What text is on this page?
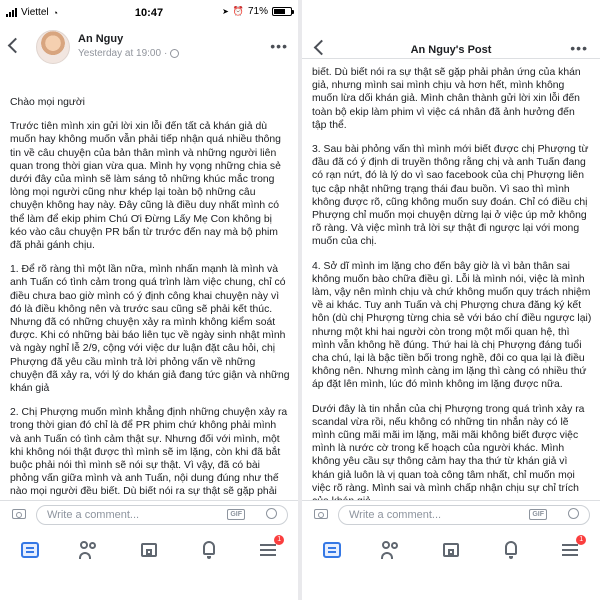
Viettel ◔	10:47	➤ ⏰ 71%
An Nguy
Yesterday at 19:00 ·	•••

Chào mọi người

Trước tiên mình xin gửi lời xin lỗi đến tất cả khán giả dù muốn hay không muốn vẫn phải tiếp nhận quá nhiều thông tin về câu chuyện của bản thân mình và những người liên quan trong thời gian vừa qua. Mình hy vọng những chia sẻ dưới đây của mình sẽ làm sáng tỏ những khúc mắc trong lòng mọi người cũng như khép lại toàn bộ những câu chuyện không hay này. Đây cũng là điều duy nhất mình có thể làm để ekip phim Chú Ơi Đừng Lấy Mẹ Con không bị kéo vào câu chuyện PR bẩn từ trước đến nay mà bộ phim đã phải gánh chịu.

1. Để rõ ràng thì một lần nữa, mình nhấn mạnh là mình và anh Tuấn có tình cảm trong quá trình làm việc chung, chỉ có điều chưa bao giờ mình có ý định công khai chuyện này vì đó là điều không nên và trước sau cũng sẽ phải kết thúc. Nhưng đã có những chuyện xảy ra mình không kiểm soát được. Khi có những bài báo liên tục về ngày sinh nhật mình và ngày nghỉ lễ 2/9, cộng với việc dư luận đặt câu hỏi, chị Phượng đã yêu cầu mình trả lời phỏng vấn về những chuyện đã xảy ra, với lý do khán giả đang tức giận và những khán giả

2. Chị Phượng muốn mình khẳng định những chuyện xảy ra trong thời gian đó chỉ là để PR phim chứ không phải mình và anh Tuấn có tình cảm thật sự. Nhưng đối với mình, một khi không nói thật được thì mình sẽ im lặng, còn khi đã bắt buộc phải nói thì mình sẽ nói sự thật. Vì vậy, đã có bài phỏng vấn giữa mình và anh Tuấn, nội dung đúng như thế nào mọi người đều biết. Dù biết nói ra sự thật sẽ gặp phải

Write a comment...	GIF
1
An Nguy's Post	•••

biết. Dù biết nói ra sự thật sẽ gặp phải phản ứng của khán giả, nhưng mình sai mình chịu và hơn hết, mình không muốn lừa dối khán giả. Mình chân thành gửi lời xin lỗi đến toàn bộ ekip làm phim vì việc cá nhân đã ảnh hưởng đến tập thể.

3. Sau bài phỏng vấn thì mình mới biết được chị Phượng từ đầu đã có ý định di truyền thông rằng chị và anh Tuấn đang có rạn nứt, đó là lý do vì sao facebook của chị Phượng liên tục cập nhật những trạng thái đau buồn. Vì sao thì mình không được rõ, cũng không muốn suy đoán. Chỉ có điều chị Phượng chỉ muốn mọi chuyện dừng lại ở việc úp mở không rõ ràng. Và việc mình trả lời sự thật đi ngược lại với mong muốn của chị.

4. Sở dĩ mình im lặng cho đến bây giờ là vì bản thân sai không muốn bào chữa điều gì. Lỗi là mình nói, việc là mình làm, vậy nên mình chịu và chứ không muốn quy trách nhiệm về ai khác. Tuy anh Tuấn và chị Phượng chưa đăng ký kết hôn (dù chị Phượng từng chia sẻ với báo chí điều ngược lại) nhưng một khi hai người còn trong một mối quan hệ, thì mình vẫn không hề đúng. Thứ hai là chị Phượng đáng tuổi cha chú, lại là bậc tiền bối trong nghề, đôi co qua lại là điều không nên. Nhưng mình càng im lặng thì càng có nhiều thứ áp đặt lên mình, lúc đó mình không im lặng được nữa.

Dưới đây là tin nhắn của chị Phượng trong quá trình xảy ra scandal vừa rồi, nếu không có những tin nhắn này có lẽ mình cũng mãi mãi im lặng, mãi mãi không biết được việc mình là nước cờ trong kế hoạch của người khác. Mình không yêu cầu sự thông cảm hay tha thứ từ khán giả vì khán giả luôn là vị quan toà công tâm nhất, chỉ muốn mọi việc rõ ràng. Mình sai và mình chấp nhận chịu sự chỉ trích

Write a comment...	GIF
1
